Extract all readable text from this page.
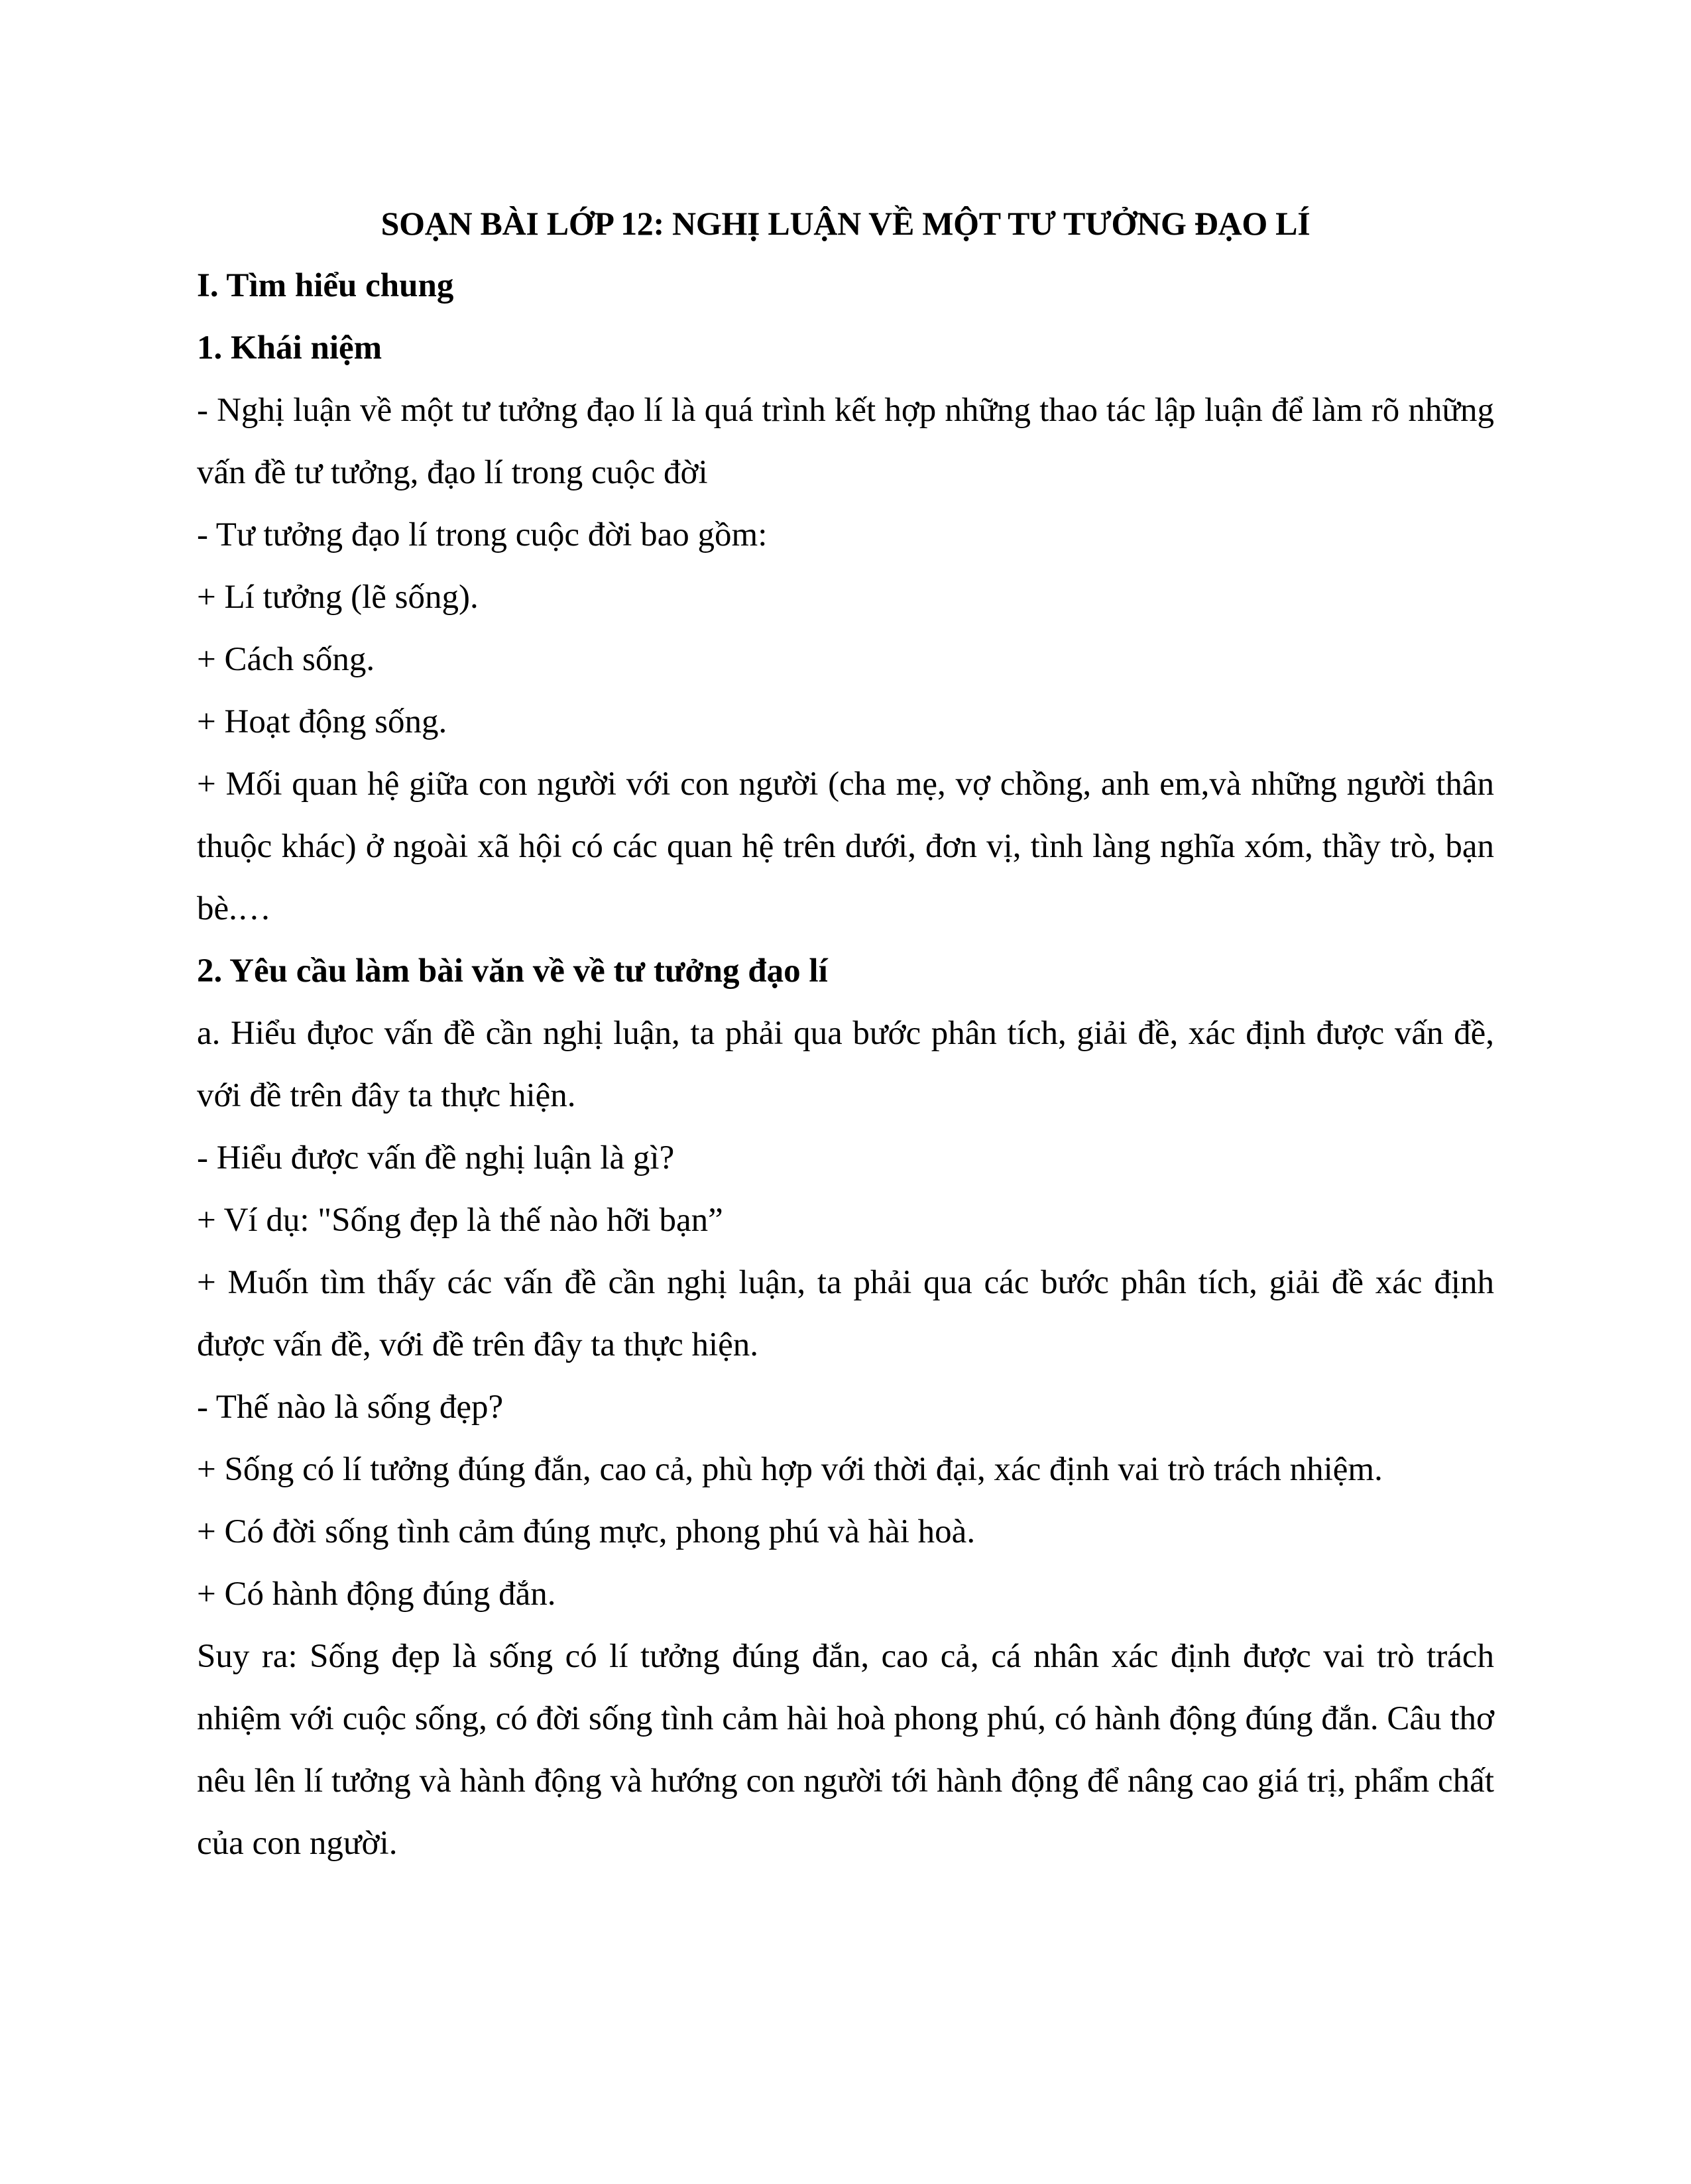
SOẠN BÀI LỚP 12: NGHỊ LUẬN VỀ MỘT TƯ TƯỞNG ĐẠO LÍ
I. Tìm hiểu chung
1. Khái niệm

- Nghị luận về một tư tưởng đạo lí là quá trình kết hợp những thao tác lập luận để làm rõ những vấn đề tư tưởng, đạo lí trong cuộc đời

- Tư tưởng đạo lí trong cuộc đời bao gồm:

+ Lí tưởng (lẽ sống).

+ Cách sống.

+ Hoạt động sống.

+ Mối quan hệ giữa con người với con người (cha mẹ, vợ chồng, anh em,và những người thân thuộc khác) ở ngoài xã hội có các quan hệ trên dưới, đơn vị, tình làng nghĩa xóm, thầy trò, bạn bè.…

2. Yêu cầu làm bài văn về về tư tưởng đạo lí

a. Hiểu đựoc vấn đề cần nghị luận, ta phải qua bước phân tích, giải đề, xác định được vấn đề, với đề trên đây ta thực hiện.

- Hiểu được vấn đề nghị luận là gì?

+ Ví dụ: "Sống đẹp là thế nào hỡi bạn”

+ Muốn tìm thấy các vấn đề cần nghị luận, ta phải qua các bước phân tích, giải đề xác định được vấn đề, với đề trên đây ta thực hiện.

- Thế nào là sống đẹp?

+ Sống có lí tưởng đúng đắn, cao cả, phù hợp với thời đại, xác định vai trò trách nhiệm.

+ Có đời sống tình cảm đúng mực, phong phú và hài hoà.

+ Có hành động đúng đắn.

Suy ra: Sống đẹp là sống có lí tưởng đúng đắn, cao cả, cá nhân xác định được vai trò trách nhiệm với cuộc sống, có đời sống tình cảm hài hoà phong phú, có hành động đúng đắn. Câu thơ nêu lên lí tưởng và hành động và hướng con người tới hành động để nâng cao giá trị, phẩm chất của con người.
